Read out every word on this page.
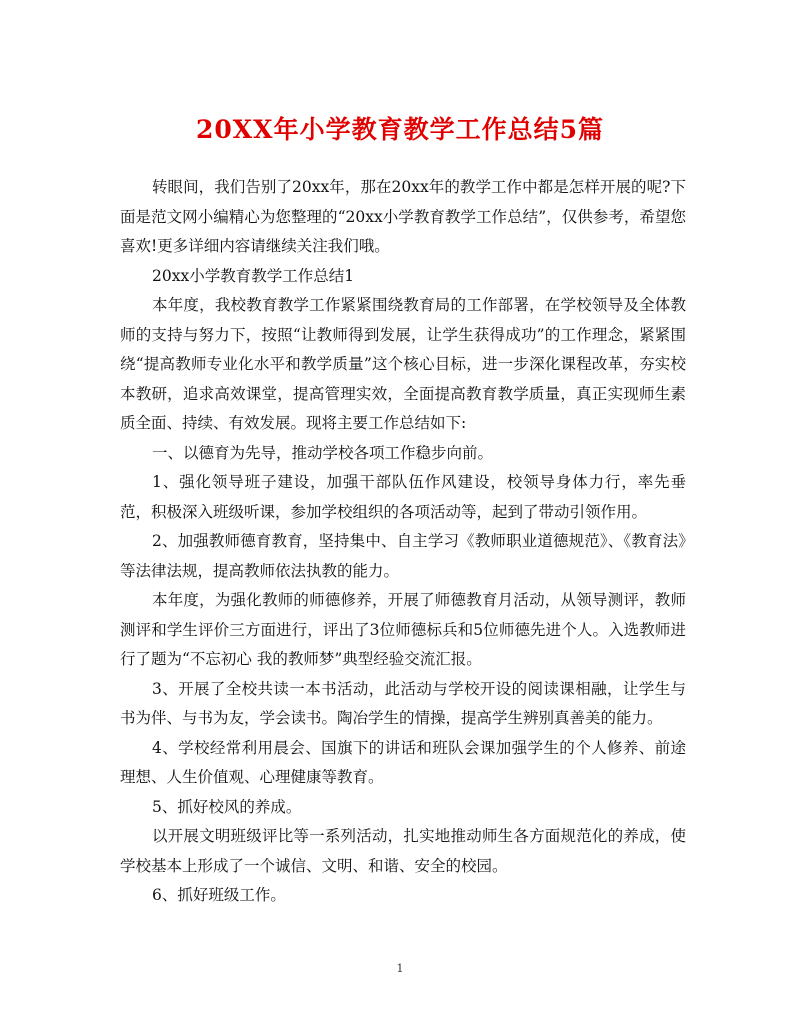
20XX年小学教育教学工作总结5篇

转眼间，我们告别了20xx年，那在20xx年的教学工作中都是怎样开展的呢?下面是范文网小编精心为您整理的“20xx小学教育教学工作总结”，仅供参考，希望您喜欢!更多详细内容请继续关注我们哦。

20xx小学教育教学工作总结1

本年度，我校教育教学工作紧紧围绕教育局的工作部署，在学校领导及全体教师的支持与努力下，按照“让教师得到发展，让学生获得成功”的工作理念，紧紧围绕“提高教师专业化水平和教学质量”这个核心目标，进一步深化课程改革，夯实校本教研，追求高效课堂，提高管理实效，全面提高教育教学质量，真正实现师生素质全面、持续、有效发展。现将主要工作总结如下:

一、以德育为先导，推动学校各项工作稳步向前。

1、强化领导班子建设，加强干部队伍作风建设，校领导身体力行，率先垂范，积极深入班级听课，参加学校组织的各项活动等，起到了带动引领作用。

2、加强教师德育教育，坚持集中、自主学习《教师职业道德规范》、《教育法》等法律法规，提高教师依法执教的能力。

本年度，为强化教师的师德修养，开展了师德教育月活动，从领导测评，教师测评和学生评价三方面进行，评出了3位师德标兵和5位师德先进个人。入选教师进行了题为“不忘初心 我的教师梦”典型经验交流汇报。

3、开展了全校共读一本书活动，此活动与学校开设的阅读课相融，让学生与书为伴、与书为友，学会读书。陶冶学生的情操，提高学生辨别真善美的能力。

4、学校经常利用晨会、国旗下的讲话和班队会课加强学生的个人修养、前途理想、人生价值观、心理健康等教育。

5、抓好校风的养成。

以开展文明班级评比等一系列活动，扎实地推动师生各方面规范化的养成，使学校基本上形成了一个诚信、文明、和谐、安全的校园。

6、抓好班级工作。

1
